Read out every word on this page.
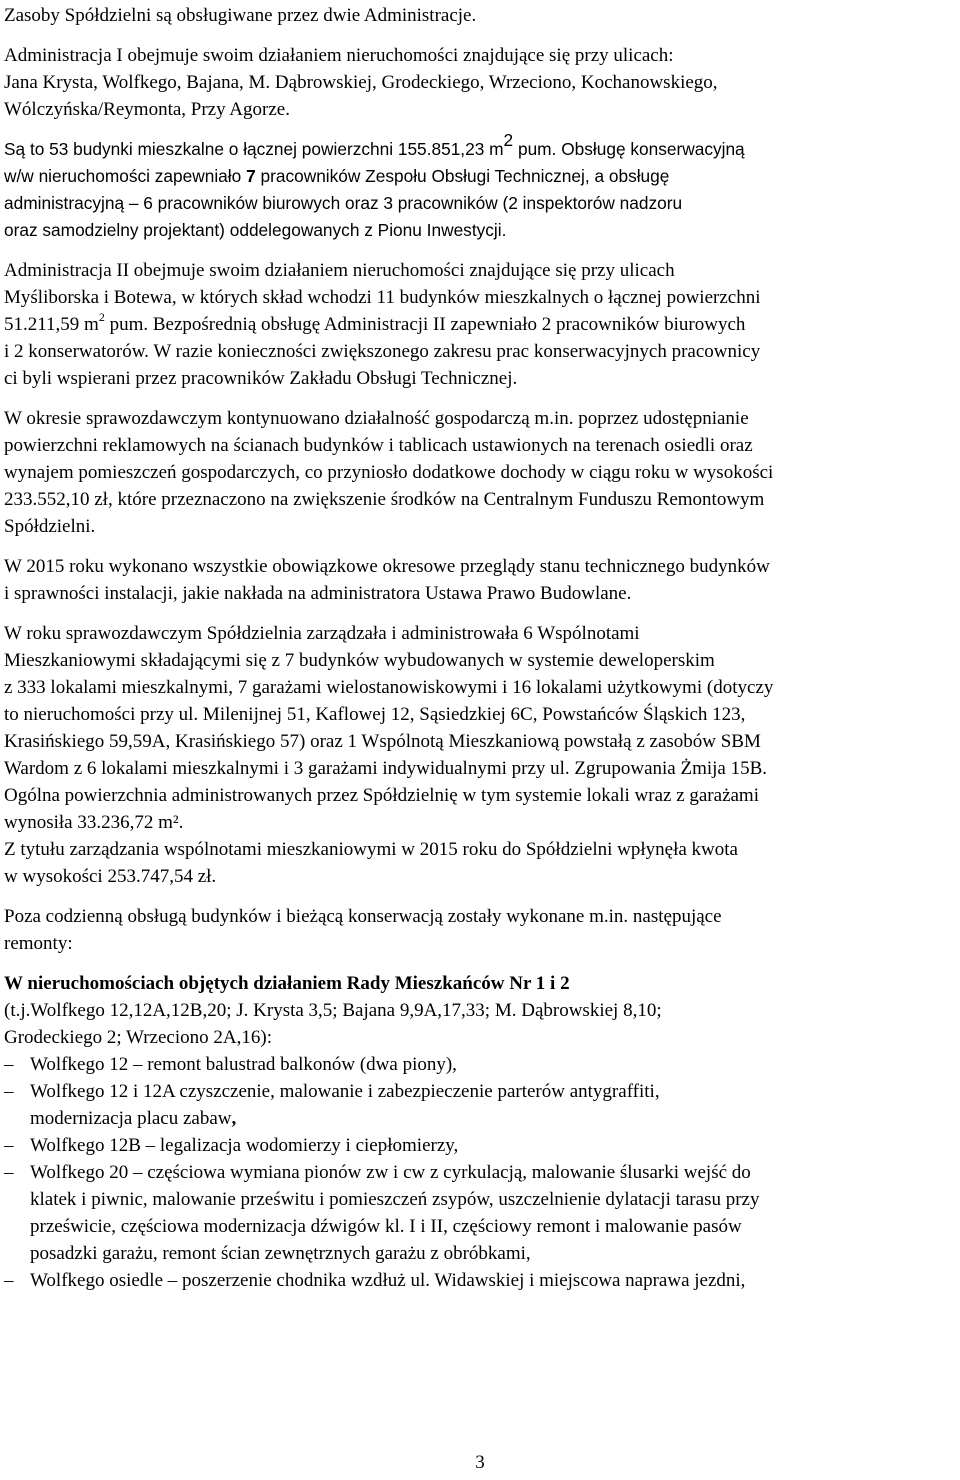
Zasoby Spółdzielni są obsługiwane przez dwie Administracje.
Administracja I obejmuje swoim działaniem nieruchomości znajdujące się przy ulicach:
Jana Krysta, Wolfkego, Bajana, M. Dąbrowskiej, Grodeckiego, Wrzeciono, Kochanowskiego,
Wólczyńska/Reymonta, Przy Agorze.
Są to 53 budynki mieszkalne o łącznej powierzchni 155.851,23 $m^2$ pum. Obsługę konserwacyjną
w/w nieruchomości zapewniało 7 pracowników Zespołu Obsługi Technicznej, a obsługę
administracyjną – 6 pracowników biurowych oraz 3 pracowników (2 inspektorów nadzoru
oraz samodzielny projektant) oddelegowanych z Pionu Inwestycji.
Administracja II obejmuje swoim działaniem nieruchomości znajdujące się przy ulicach
Myśliborska i Botewa, w których skład wchodzi 11 budynków mieszkalnych o łącznej powierzchni
51.211,59 $m^2$ pum. Bezpośrednią obsługę Administracji II zapewniało 2 pracowników biurowych
i 2 konserwatorów. W razie konieczności zwiększonego zakresu prac konserwacyjnych pracownicy
ci byli wspierani przez pracowników Zakładu Obsługi Technicznej.
W okresie sprawozdawczym kontynuowano działalność gospodarczą m.in. poprzez udostępnianie
powierzchni reklamowych na ścianach budynków i tablicach ustawionych na terenach osiedli oraz
wynajem pomieszczeń gospodarczych, co przyniosło dodatkowe dochody w ciągu roku w wysokości
233.552,10 zł, które przeznaczono na zwiększenie środków na Centralnym Funduszu Remontowym
Spółdzielni.
W 2015 roku wykonano wszystkie obowiązkowe okresowe przeglądy stanu technicznego budynków
i sprawności instalacji, jakie nakłada na administratora Ustawa Prawo Budowlane.
W roku sprawozdawczym Spółdzielnia zarządzała i administrowała 6 Wspólnotami
Mieszkaniowymi składającymi się z 7 budynków wybudowanych w systemie deweloperskim
z 333 lokalami mieszkalnymi, 7 garażami wielostanowiskowymi i 16 lokalami użytkowymi (dotyczy
to nieruchomości przy ul. Milenijnej 51, Kaflowej 12, Sąsiedzkiej 6C, Powstańców Śląskich 123,
Krasińskiego 59,59A, Krasińskiego 57) oraz 1 Wspólnotą Mieszkaniową powstałą z zasobów SBM
Wardom z 6 lokalami mieszkalnymi i 3 garażami indywidualnymi przy ul. Zgrupowania Żmija 15B.
Ogólna powierzchnia administrowanych przez Spółdzielnię w tym systemie lokali wraz z garażami
wynosiła 33.236,72 m².
Z tytułu zarządzania wspólnotami mieszkaniowymi w 2015 roku do Spółdzielni wpłynęła kwota
w wysokości 253.747,54 zł.
Poza codzienną obsługą budynków i bieżącą konserwacją zostały wykonane m.in. następujące
remonty:
W nieruchomościach objętych działaniem Rady Mieszkańców Nr 1 i 2
(t.j.Wolfkego 12,12A,12B,20; J. Krysta 3,5; Bajana 9,9A,17,33; M. Dąbrowskiej 8,10;
Grodeckiego 2; Wrzeciono 2A,16):
– Wolfkego 12 – remont balustrad balkonów (dwa piony),
– Wolfkego 12 i 12A czyszczenie, malowanie i zabezpieczenie parterów antygraffiti,
modernizacja placu zabaw,
– Wolfkego 12B – legalizacja wodomierzy i ciepłomierzy,
– Wolfkego 20 – częściowa wymiana pionów zw i cw z cyrkulacją, malowanie ślusarki wejść do
klatek i piwnic, malowanie prześwitu i pomieszczeń zsypów, uszczelnienie dylatacji tarasu przy
prześwicie, częściowa modernizacja dźwigów kl. I i II, częściowy remont i malowanie pasów
posadzki garażu, remont ścian zewnętrznych garażu z obróbkami,
– Wolfkego osiedle – poszerzenie chodnika wzdłuż ul. Widawskiej i miejscowa naprawa jezdni,
3
